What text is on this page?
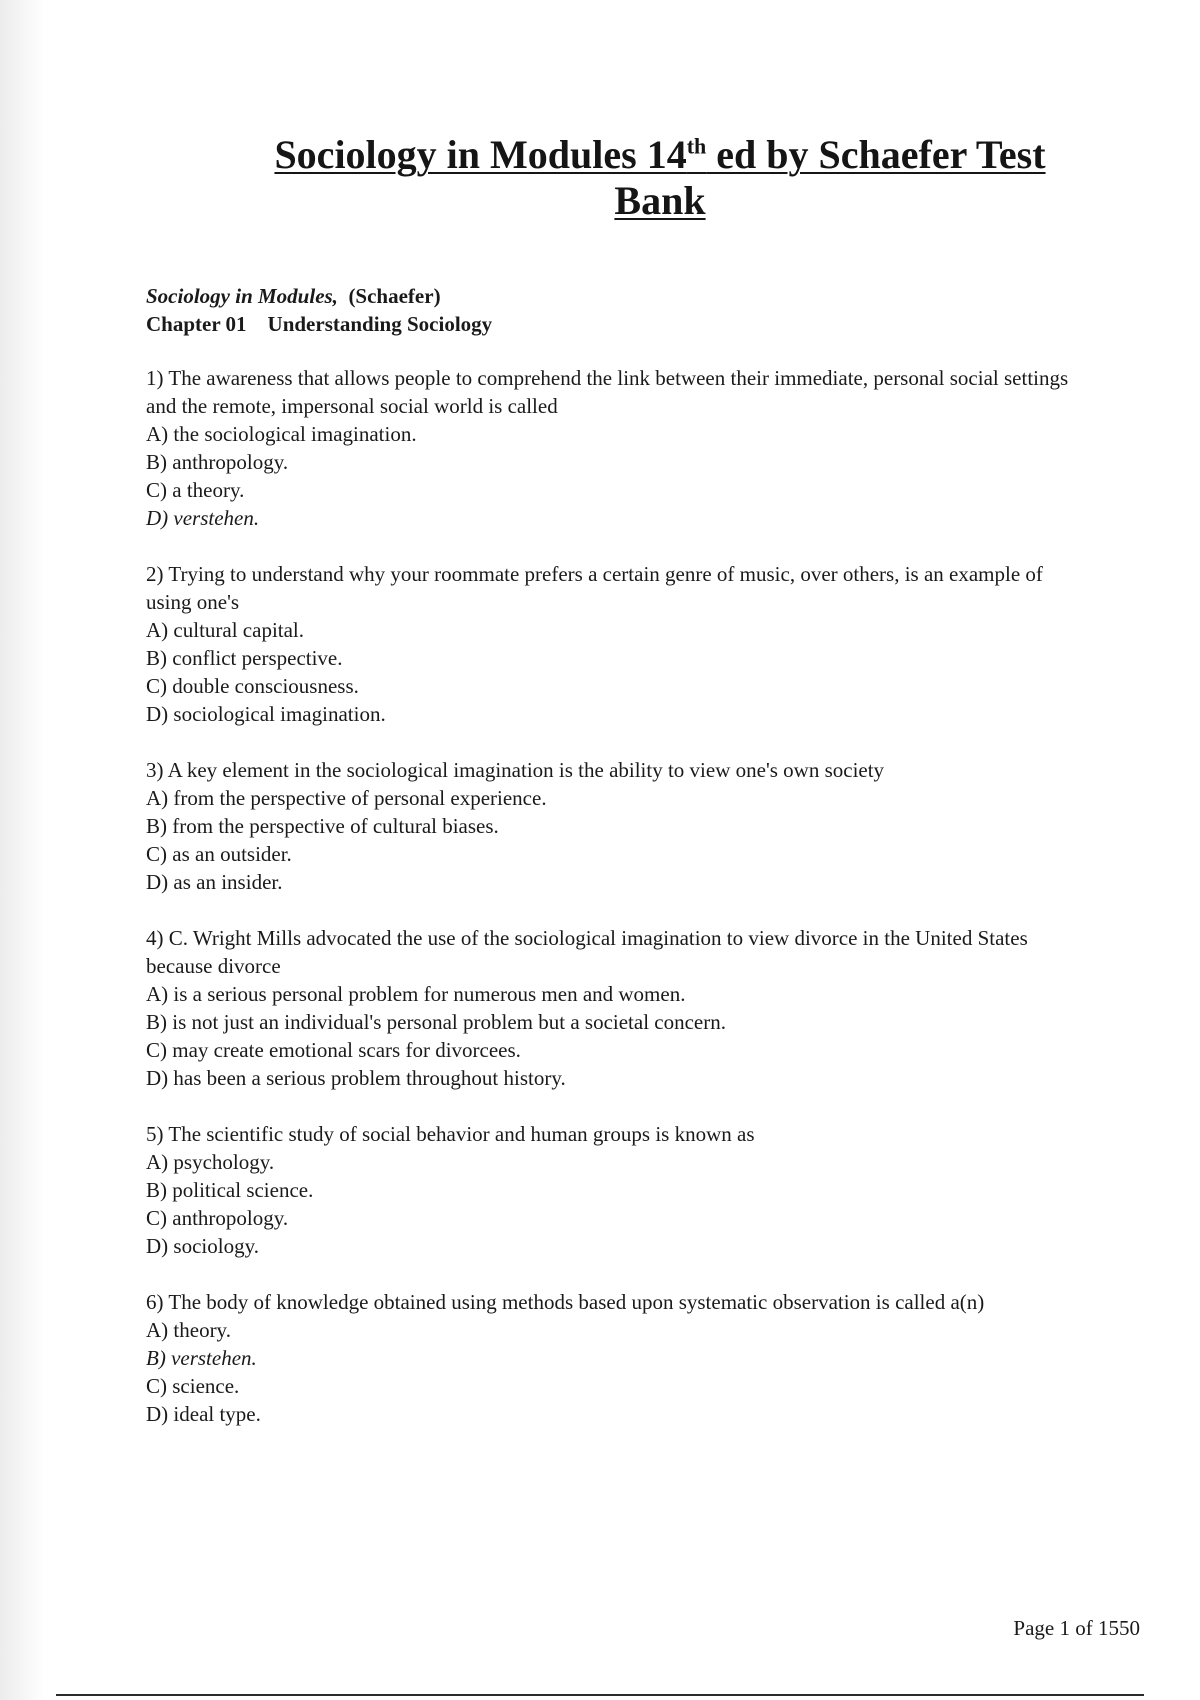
Sociology in Modules 14th ed by Schaefer Test
Bank
Sociology in Modules, (Schaefer)
Chapter 01 Understanding Sociology
1) The awareness that allows people to comprehend the link between their immediate, personal social settings and the remote, impersonal social world is called
A) the sociological imagination.
B) anthropology.
C) a theory.
D) verstehen.
2) Trying to understand why your roommate prefers a certain genre of music, over others, is an example of using one's
A) cultural capital.
B) conflict perspective.
C) double consciousness.
D) sociological imagination.
3) A key element in the sociological imagination is the ability to view one's own society
A) from the perspective of personal experience.
B) from the perspective of cultural biases.
C) as an outsider.
D) as an insider.
4) C. Wright Mills advocated the use of the sociological imagination to view divorce in the United States because divorce
A) is a serious personal problem for numerous men and women.
B) is not just an individual's personal problem but a societal concern.
C) may create emotional scars for divorcees.
D) has been a serious problem throughout history.
5) The scientific study of social behavior and human groups is known as
A) psychology.
B) political science.
C) anthropology.
D) sociology.
6) The body of knowledge obtained using methods based upon systematic observation is called a(n)
A) theory.
B) verstehen.
C) science.
D) ideal type.
Page 1 of 1550
